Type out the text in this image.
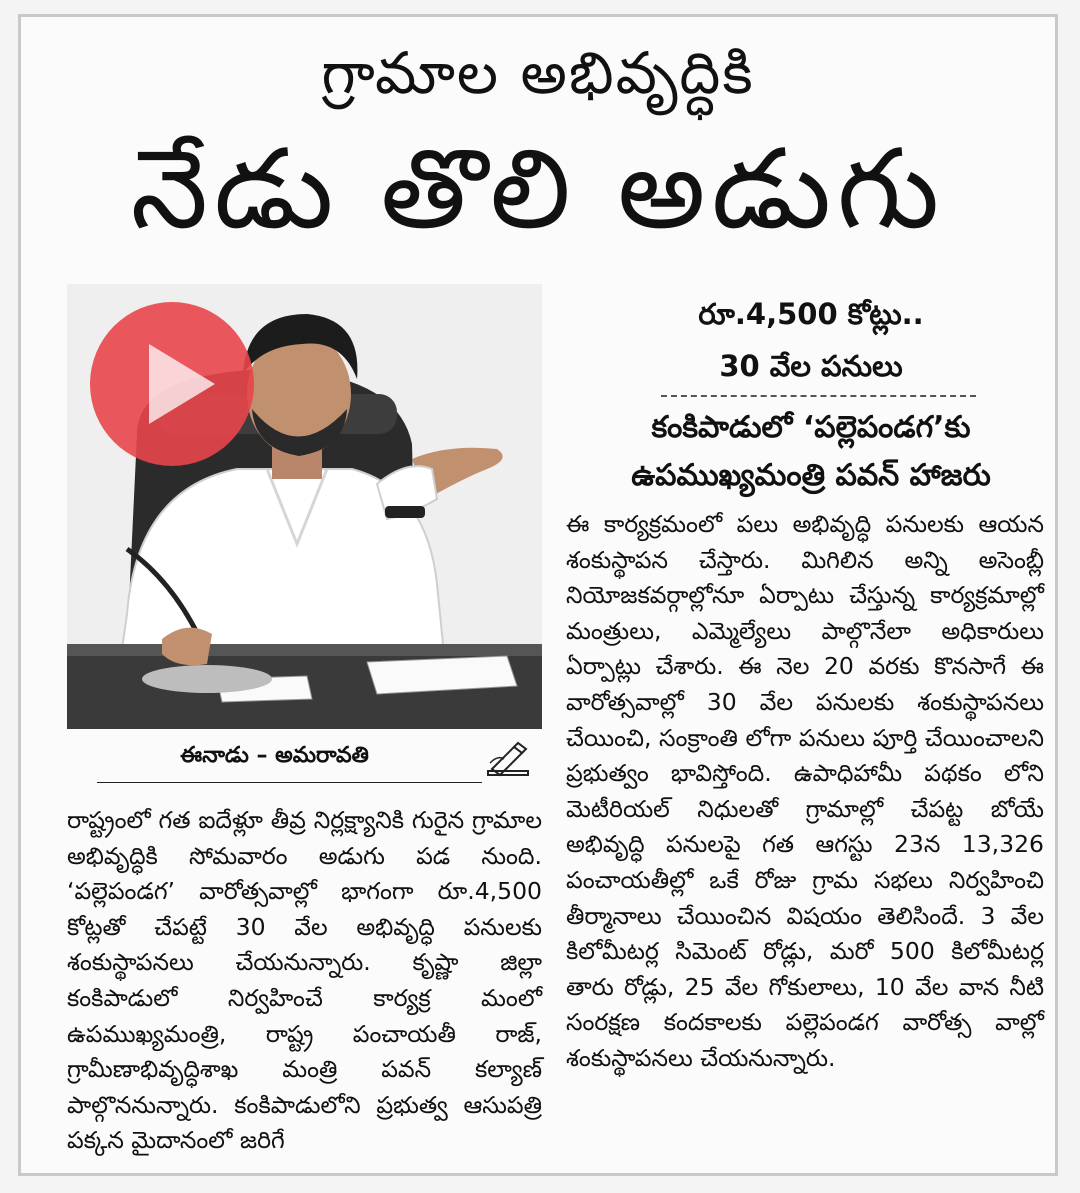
గ్రామాల అభివృద్ధికి
నేడు తొలి అడుగు
ఈనాడు – అమరావతి
రూ.4,500 కోట్లు..
30 వేల పనులు
కంకిపాడులో ‘పల్లెపండగ’కు
ఉపముఖ్యమంత్రి పవన్ హాజరు

రాష్ట్రంలో గత ఐదేళ్లూ తీవ్ర నిర్లక్ష్యానికి గురైన గ్రామాల అభివృద్ధికి సోమవారం అడుగు పడ నుంది. ‘పల్లెపండగ’ వారోత్సవాల్లో భాగంగా రూ.4,500 కోట్లతో చేపట్టే 30 వేల అభివృద్ధి పనులకు శంకుస్థాపనలు చేయనున్నారు. కృష్ణా జిల్లా కంకిపాడులో నిర్వహించే కార్యక్ర మంలో ఉపముఖ్యమంత్రి, రాష్ట్ర పంచాయతీ రాజ్, గ్రామీణాభివృద్ధిశాఖ మంత్రి పవన్ కల్యాణ్ పాల్గొననున్నారు. కంకిపాడులోని ప్రభుత్వ ఆసుపత్రి పక్కన మైదానంలో జరిగే

ఈ కార్యక్రమంలో పలు అభివృద్ధి పనులకు ఆయన శంకుస్థాపన చేస్తారు. మిగిలిన అన్ని అసెంబ్లీ నియోజకవర్గాల్లోనూ ఏర్పాటు చేస్తున్న కార్యక్రమాల్లో మంత్రులు, ఎమ్మెల్యేలు పాల్గొనేలా అధికారులు ఏర్పాట్లు చేశారు. ఈ నెల 20 వరకు కొనసాగే ఈ వారోత్సవాల్లో 30 వేల పనులకు శంకుస్థాపనలు చేయించి, సంక్రాంతి లోగా పనులు పూర్తి చేయించాలని ప్రభుత్వం భావిస్తోంది. ఉపాధిహామీ పథకం లోని మెటీరియల్ నిధులతో గ్రామాల్లో చేపట్ట బోయే అభివృద్ధి పనులపై గత ఆగస్టు 23న 13,326 పంచాయతీల్లో ఒకే రోజు గ్రామ సభలు నిర్వహించి తీర్మానాలు చేయించిన విషయం తెలిసిందే. 3 వేల కిలోమీటర్ల సిమెంట్ రోడ్లు, మరో 500 కిలోమీటర్ల తారు రోడ్లు, 25 వేల గోకులాలు, 10 వేల వాన నీటి సంరక్షణ కందకాలకు పల్లెపండగ వారోత్స వాల్లో శంకుస్థాపనలు చేయనున్నారు.
